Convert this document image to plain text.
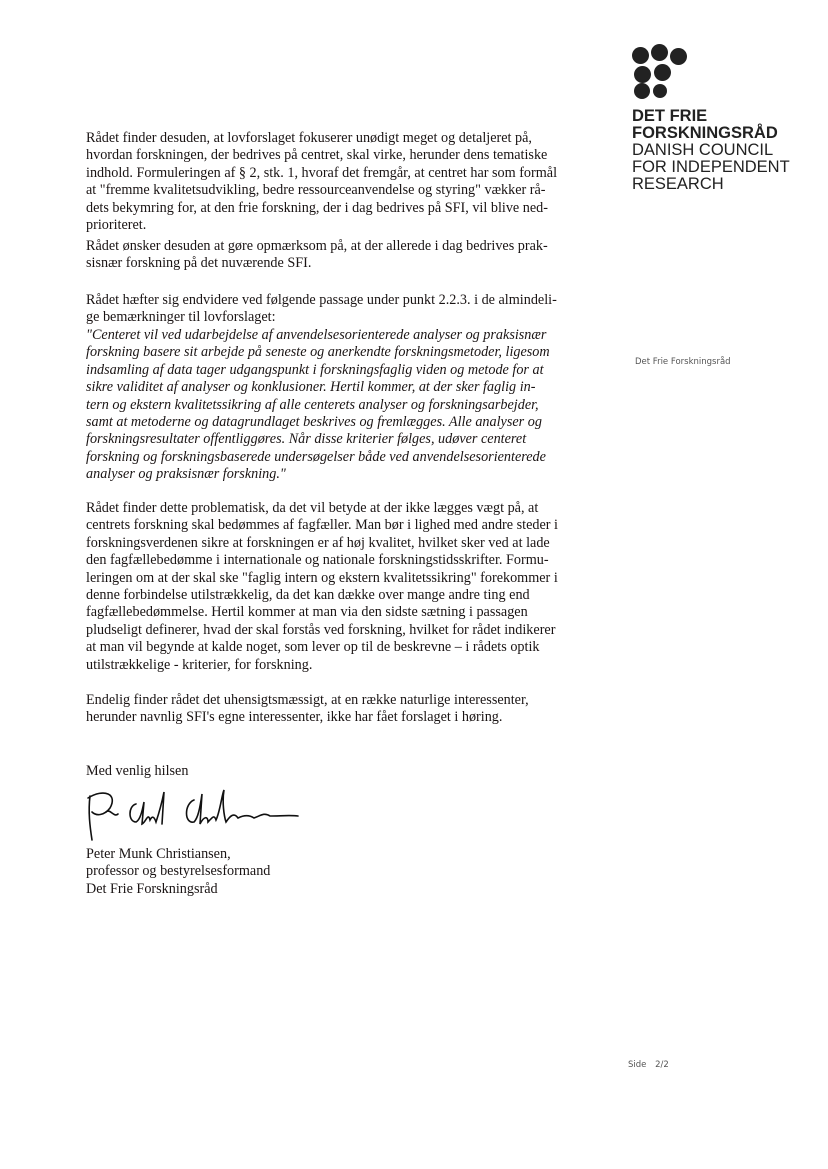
DET FRIE
FORSKNINGSRÅD
DANISH COUNCIL
FOR INDEPENDENT
RESEARCH
Det Frie Forskningsråd
Rådet finder desuden, at lovforslaget fokuserer unødigt meget og detaljeret på,
hvordan forskningen, der bedrives på centret, skal virke, herunder dens tematiske
indhold. Formuleringen af § 2, stk. 1, hvoraf det fremgår, at centret har som formål
at "fremme kvalitetsudvikling, bedre ressourceanvendelse og styring" vækker rå-
dets bekymring for, at den frie forskning, der i dag bedrives på SFI, vil blive ned-
prioriteret.
Rådet ønsker desuden at gøre opmærksom på, at der allerede i dag bedrives prak-
sisnær forskning på det nuværende SFI.
Rådet hæfter sig endvidere ved følgende passage under punkt 2.2.3. i de almindeli-
ge bemærkninger til lovforslaget:
"Centeret vil ved udarbejdelse af anvendelsesorienterede analyser og praksisnær
forskning basere sit arbejde på seneste og anerkendte forskningsmetoder, ligesom
indsamling af data tager udgangspunkt i forskningsfaglig viden og metode for at
sikre validitet af analyser og konklusioner. Hertil kommer, at der sker faglig in-
tern og ekstern kvalitetssikring af alle centerets analyser og forskningsarbejder,
samt at metoderne og datagrundlaget beskrives og fremlægges. Alle analyser og
forskningsresultater offentliggøres. Når disse kriterier følges, udøver centeret
forskning og forskningsbaserede undersøgelser både ved anvendelsesorienterede
analyser og praksisnær forskning."
Rådet finder dette problematisk, da det vil betyde at der ikke lægges vægt på, at
centrets forskning skal bedømmes af fagfæller. Man bør i lighed med andre steder i
forskningsverdenen sikre at forskningen er af høj kvalitet, hvilket sker ved at lade
den fagfællebedømme i internationale og nationale forskningstidsskrifter. Formu-
leringen om at der skal ske "faglig intern og ekstern kvalitetssikring" forekommer i
denne forbindelse utilstrækkelig, da det kan dække over mange andre ting end
fagfællebedømmelse. Hertil kommer at man via den sidste sætning i passagen
pludseligt definerer, hvad der skal forstås ved forskning, hvilket for rådet indikerer
at man vil begynde at kalde noget, som lever op til de beskrevne – i rådets optik
utilstrækkelige - kriterier, for forskning.
Endelig finder rådet det uhensigtsmæssigt, at en række naturlige interessenter,
herunder navnlig SFI's egne interessenter, ikke har fået forslaget i høring.
Med venlig hilsen
Peter Munk Christiansen,
professor og bestyrelsesformand
Det Frie Forskningsråd
Side 2/2
